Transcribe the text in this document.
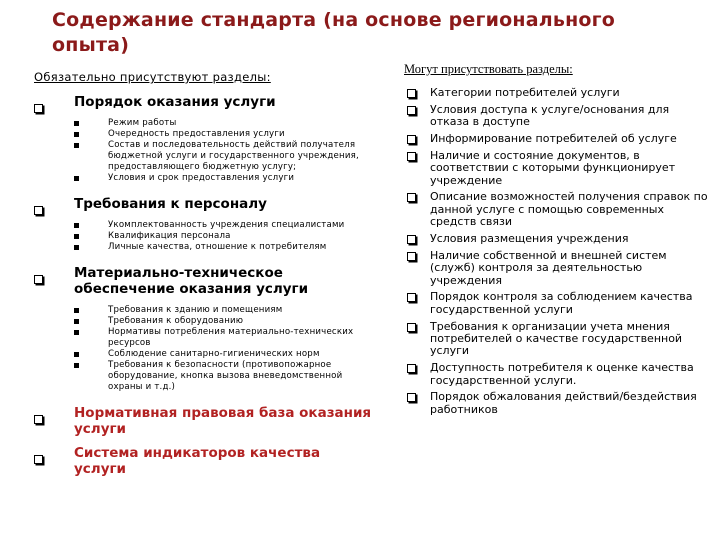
Содержание стандарта (на основе регионального опыта)
Обязательно присутствуют разделы:
Порядок оказания услуги
Режим работы
Очередность предоставления услуги
Состав и последовательность действий получателя бюджетной услуги и государственного учреждения, предоставляющего бюджетную услугу;
Условия и срок предоставления услуги
Требования к персоналу
Укомплектованность учреждения специалистами
Квалификация персонала
Личные качества, отношение к потребителям
Материально-техническое обеспечение оказания услуги
Требования к зданию и помещениям
Требования к оборудованию
Нормативы потребления материально-технических ресурсов
Соблюдение санитарно-гигиенических норм
Требования к безопасности (противопожарное оборудование, кнопка вызова вневедомственной охраны и т.д.)
Нормативная правовая база оказания услуги
Система индикаторов качества услуги
Могут присутствовать разделы:
Категории потребителей услуги
Условия доступа к услуге/основания для отказа в доступе
Информирование потребителей об услуге
Наличие и состояние документов, в соответствии с которыми функционирует учреждение
Описание возможностей получения справок по данной услуге с помощью современных средств связи
Условия размещения учреждения
Наличие собственной и внешней систем (служб) контроля за деятельностью учреждения
Порядок контроля за соблюдением качества государственной услуги
Требования к организации учета мнения потребителей о качестве государственной услуги
Доступность потребителя к оценке качества государственной услуги.
Порядок обжалования действий/бездействия работников
